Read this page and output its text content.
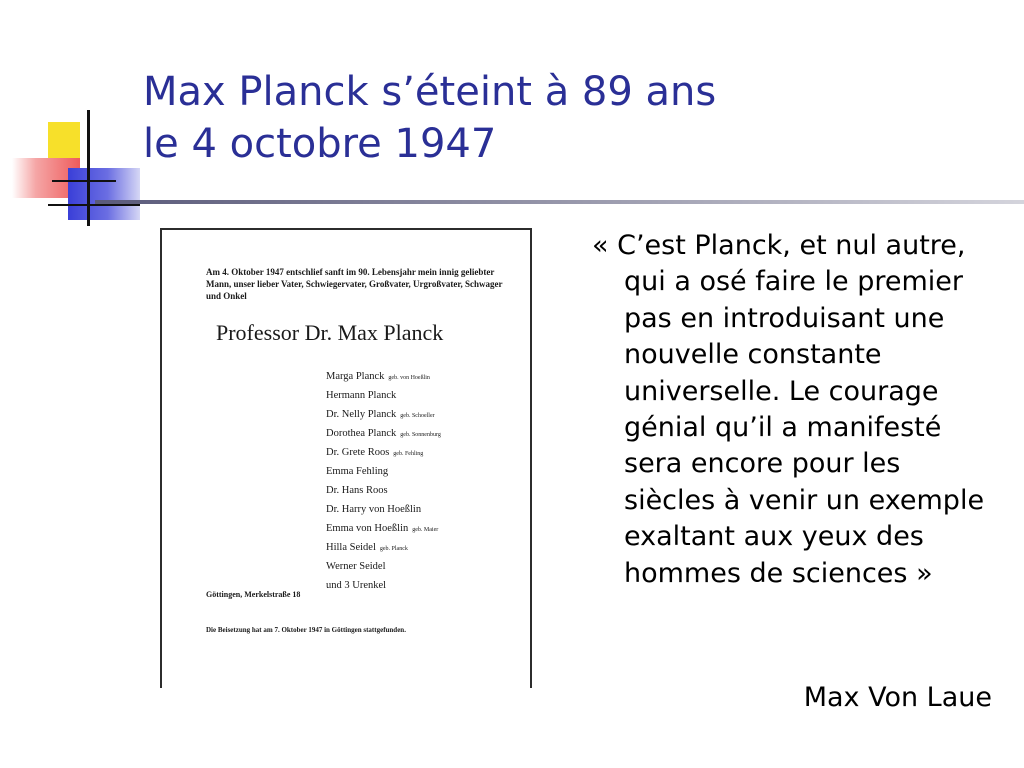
Max Planck s’éteint à 89 ans
le 4 octobre 1947
Am 4. Oktober 1947 entschlief sanft im 90. Lebensjahr mein innig geliebter Mann, unser lieber Vater, Schwiegervater, Großvater, Urgroßvater, Schwager und Onkel
Professor Dr. Max Planck
Marga Planck geb. von Hoeßlin
Hermann Planck
Dr. Nelly Planck geb. Schoeller
Dorothea Planck geb. Sonnenburg
Dr. Grete Roos geb. Fehling
Emma Fehling
Dr. Hans Roos
Dr. Harry von Hoeßlin
Emma von Hoeßlin geb. Maier
Hilla Seidel geb. Planck
Werner Seidel
und 3 Urenkel
Göttingen, Merkelstraße 18
Die Beisetzung hat am 7. Oktober 1947 in Göttingen stattgefunden.

« C’est Planck, et nul autre, qui a osé faire le premier pas en introduisant une nouvelle constante universelle. Le courage génial qu’il a manifesté sera encore pour les siècles à venir un exemple exaltant aux yeux des hommes de sciences »

Max Von Laue
